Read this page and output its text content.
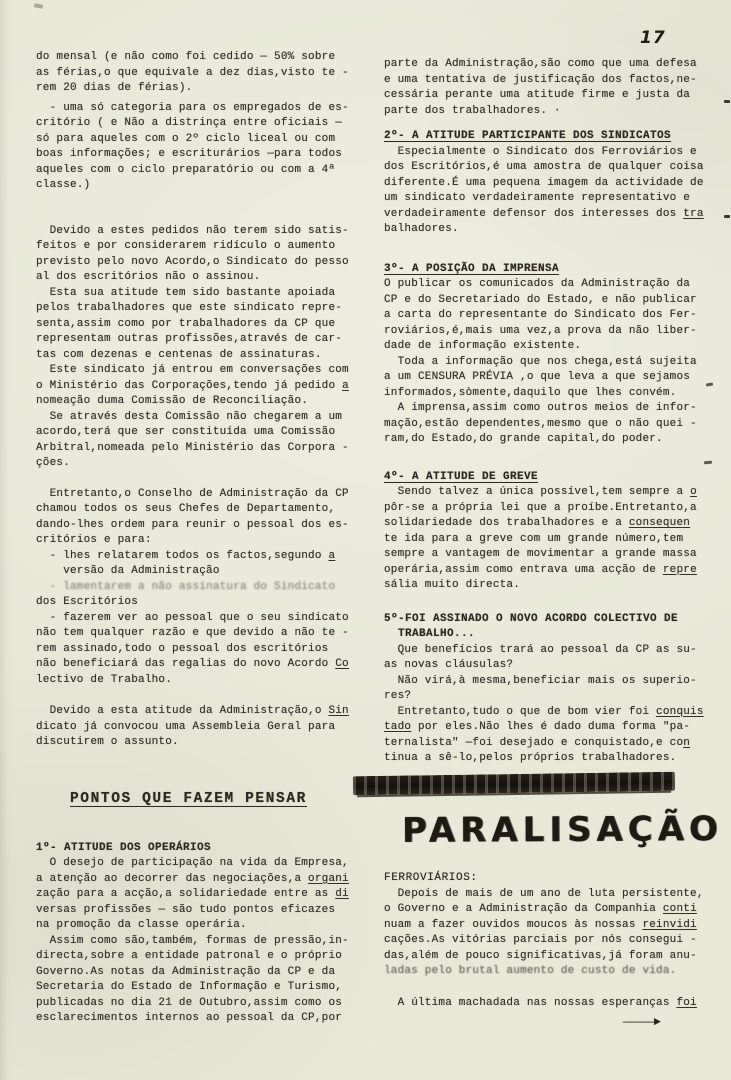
17
do mensal (e não como foi cedido — 50% sobre
as férias,o que equivale a dez dias,visto te -
rem 20 dias de férias).
- uma só categoria para os empregados de es-
critório ( e Não a distrinça entre oficiais —
só para aqueles com o 2º ciclo liceal ou com
boas informações; e escriturários —para todos
aqueles com o ciclo preparatório ou com a 4ª
classe.)
Devido a estes pedidos não terem sido satis-
feitos e por considerarem ridículo o aumento
previsto pelo novo Acordo,o Sindicato do pesso
al dos escritórios não o assinou.
Esta sua atitude tem sido bastante apoiada
pelos trabalhadores que este sindicato repre-
senta,assim como por trabalhadores da CP que
representam outras profissões,através de car-
tas com dezenas e centenas de assinaturas.
Este sindicato já entrou em conversações com
o Ministério das Corporações,tendo já pedido a
nomeação duma Comissão de Reconciliação.
Se através desta Comissão não chegarem a um
acordo,terá que ser constituída uma Comissão
Arbitral,nomeada pelo Ministério das Corpora -
ções.
Entretanto,o Conselho de Administração da CP
chamou todos os seus Chefes de Departamento,
dando-lhes ordem para reunir o pessoal dos es-
critórios e para:
- lhes relatarem todos os factos,segundo a
versão da Administração
- lamentarem a não assinatura do Sindicato
dos Escritórios
- fazerem ver ao pessoal que o seu sindicato
não tem qualquer razão e que devido a não te -
rem assinado,todo o pessoal dos escritórios
não beneficiará das regalias do novo Acordo Co
lectivo de Trabalho.
Devido a esta atitude da Administração,o Sin
dicato já convocou uma Assembleia Geral para
discutirem o assunto.
PONTOS QUE FAZEM PENSAR
1º- ATITUDE DOS OPERÁRIOS
O desejo de participação na vida da Empresa,
a atenção ao decorrer das negociações,a organi
zação para a acção,a solidariedade entre as di
versas profissões — são tudo pontos eficazes
na promoção da classe operária.
Assim como são,também, formas de pressão,in-
directa,sobre a entidade patronal e o próprio
Governo.As notas da Administração da CP e da
Secretaria do Estado de Informação e Turismo,
publicadas no dia 21 de Outubro,assim como os
esclarecimentos internos ao pessoal da CP,por
parte da Administração,são como que uma defesa
e uma tentativa de justificação dos factos,ne-
cessária perante uma atitude firme e justa da
parte dos trabalhadores. ·
2º- A ATITUDE PARTICIPANTE DOS SINDICATOS
Especialmente o Sindicato dos Ferroviários e
dos Escritórios,é uma amostra de qualquer coisa
diferente.É uma pequena imagem da actividade de
um sindicato verdadeiramente representativo e
verdadeiramente defensor dos interesses dos tra
balhadores.
3º- A POSIÇÃO DA IMPRENSA
O publicar os comunicados da Administração da
CP e do Secretariado do Estado, e não publicar
a carta do representante do Sindicato dos Fer-
roviários,é,mais uma vez,a prova da não liber-
dade de informação existente.
Toda a informação que nos chega,está sujeita
a um CENSURA PRÉVIA ,o que leva a que sejamos
informados,sòmente,daquilo que lhes convém.
A imprensa,assim como outros meios de infor-
mação,estão dependentes,mesmo que o não quei -
ram,do Estado,do grande capital,do poder.
4º- A ATITUDE DE GREVE
Sendo talvez a única possível,tem sempre a o
pôr-se a própria lei que a proíbe.Entretanto,a
solidariedade dos trabalhadores e a consequen
te ida para a greve com um grande número,tem
sempre a vantagem de movimentar a grande massa
operária,assim como entrava uma acção de repre
sália muito directa.
5º-FOI ASSINADO O NOVO ACORDO COLECTIVO DE
TRABALHO...
Que benefícios trará ao pessoal da CP as su-
as novas cláusulas?
Não virá,à mesma,beneficiar mais os superio-
res?
Entretanto,tudo o que de bom vier foi conquis
tado por eles.Não lhes é dado duma forma "pa-
ternalista" —foi desejado e conquistado,e con
tinua a sê-lo,pelos próprios trabalhadores.
PARALISAÇÃO
FERROVIÁRIOS:
Depois de mais de um ano de luta persistente,
o Governo e a Administração da Companhia conti
nuam a fazer ouvidos moucos às nossas reinvidi
cações.As vitórias parciais por nós consegui -
das,além de pouco significativas,já foram anu-
ladas pelo brutal aumento de custo de vida.
A última machadada nas nossas esperanças foi
—————►
